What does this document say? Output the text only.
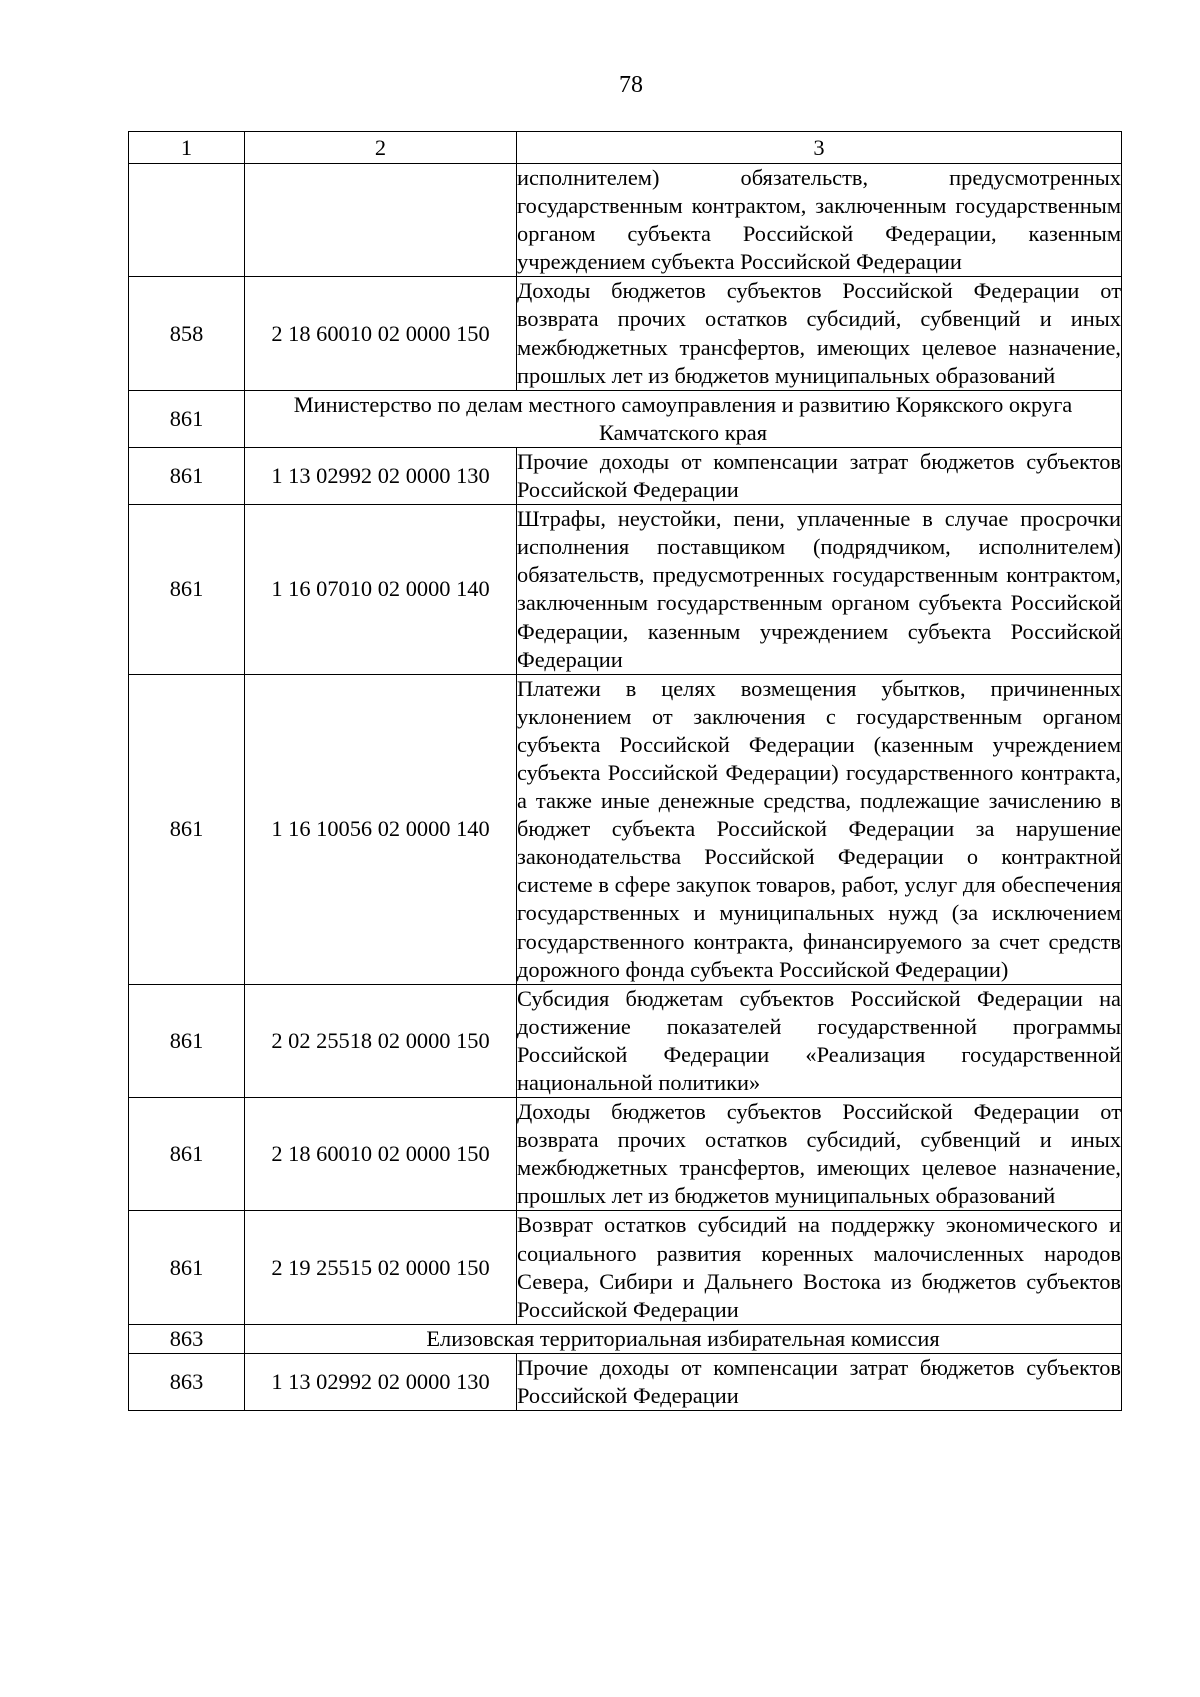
78
1	2	3
		исполнителем) обязательств, предусмотренных государственным контрактом, заключенным государственным органом субъекта Российской Федерации, казенным учреждением субъекта Российской Федерации
858	2 18 60010 02 0000 150	Доходы бюджетов субъектов Российской Федерации от возврата прочих остатков субсидий, субвенций и иных межбюджетных трансфертов, имеющих целевое назначение, прошлых лет из бюджетов муниципальных образований
861	Министерство по делам местного самоуправления и развитию Корякского округа Камчатского края	
861	1 13 02992 02 0000 130	Прочие доходы от компенсации затрат бюджетов субъектов Российской Федерации
861	1 16 07010 02 0000 140	Штрафы, неустойки, пени, уплаченные в случае просрочки исполнения поставщиком (подрядчиком, исполнителем) обязательств, предусмотренных государственным контрактом, заключенным государственным органом субъекта Российской Федерации, казенным учреждением субъекта Российской Федерации
861	1 16 10056 02 0000 140	Платежи в целях возмещения убытков, причиненных уклонением от заключения с государственным органом субъекта Российской Федерации (казенным учреждением субъекта Российской Федерации) государственного контракта, а также иные денежные средства, подлежащие зачислению в бюджет субъекта Российской Федерации за нарушение законодательства Российской Федерации о контрактной системе в сфере закупок товаров, работ, услуг для обеспечения государственных и муниципальных нужд (за исключением государственного контракта, финансируемого за счет средств дорожного фонда субъекта Российской Федерации)
861	2 02 25518 02 0000 150	Субсидия бюджетам субъектов Российской Федерации на достижение показателей государственной программы Российской Федерации «Реализация государственной национальной политики»
861	2 18 60010 02 0000 150	Доходы бюджетов субъектов Российской Федерации от возврата прочих остатков субсидий, субвенций и иных межбюджетных трансфертов, имеющих целевое назначение, прошлых лет из бюджетов муниципальных образований
861	2 19 25515 02 0000 150	Возврат остатков субсидий на поддержку экономического и социального развития коренных малочисленных народов Севера, Сибири и Дальнего Востока из бюджетов субъектов Российской Федерации
863	Елизовская территориальная избирательная комиссия	
863	1 13 02992 02 0000 130	Прочие доходы от компенсации затрат бюджетов субъектов Российской Федерации
